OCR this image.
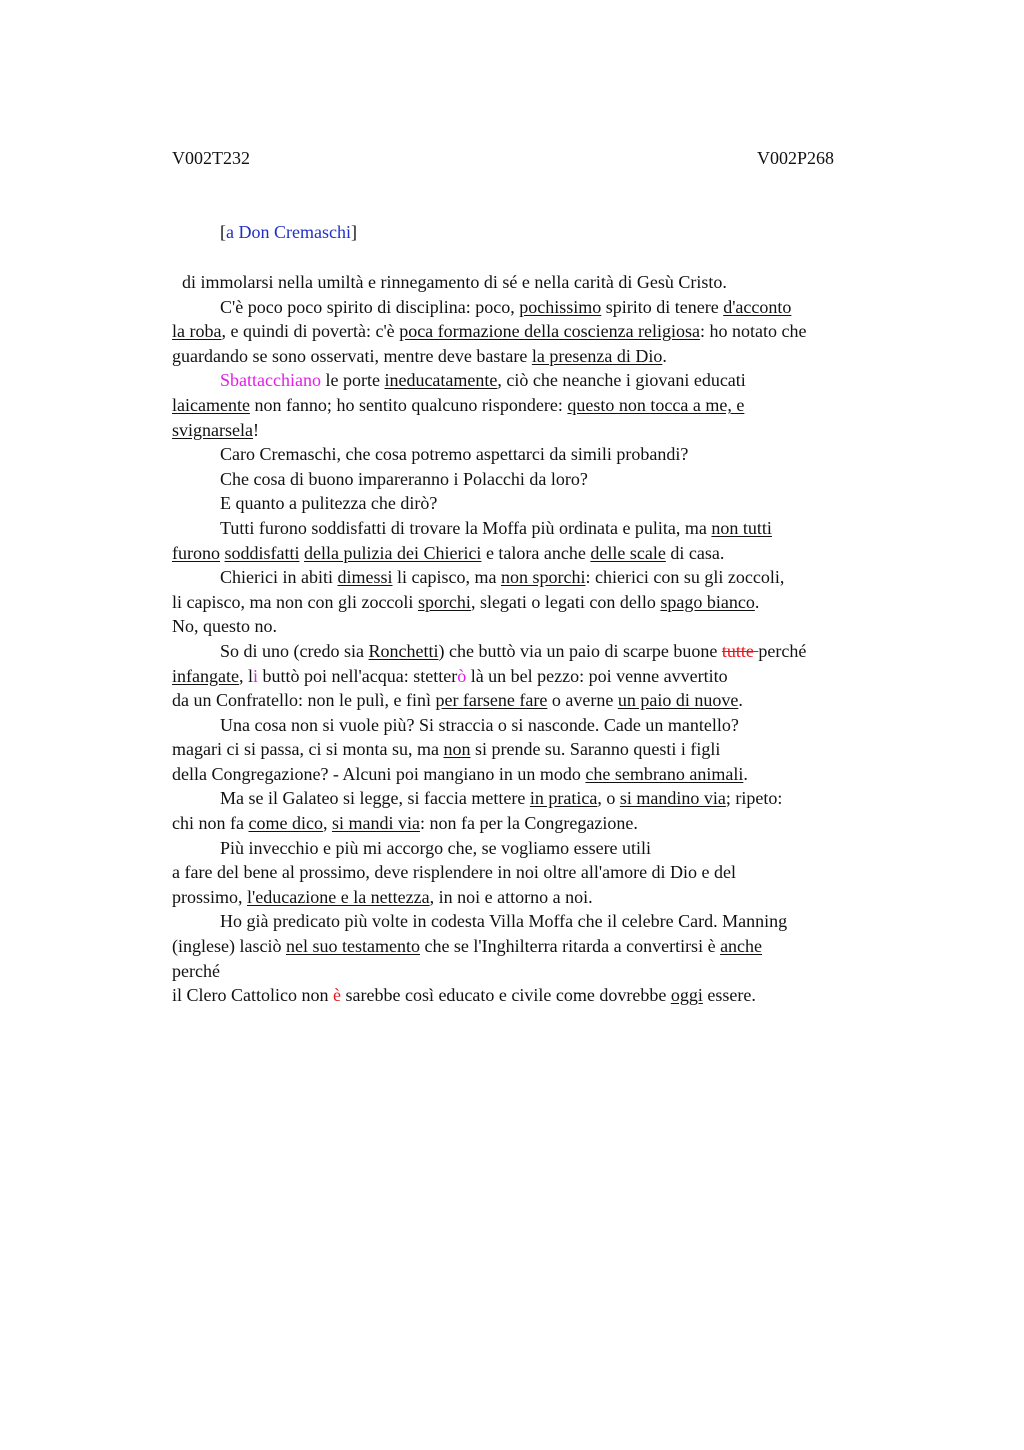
V002T232	V002P268
[a Don Cremaschi]
di immolarsi nella umiltà e rinnegamento di sé e nella carità di Gesù Cristo.
C'è poco poco spirito di disciplina: poco, pochissimo spirito di tenere d'acconto
la roba, e quindi di povertà: c'è poca formazione della coscienza religiosa: ho notato che
guardando se sono osservati, mentre deve bastare la presenza di Dio.
Sbattacchiano le porte ineducatamente, ciò che neanche i giovani educati
laicamente non fanno; ho sentito qualcuno rispondere: questo non tocca a me, e
svignarsela!
Caro Cremaschi, che cosa potremo aspettarci da simili probandi?
Che cosa di buono impareranno i Polacchi da loro?
E quanto a pulitezza che dirò?
Tutti furono soddisfatti di trovare la Moffa più ordinata e pulita, ma non tutti
furono soddisfatti della pulizia dei Chierici e talora anche delle scale di casa.
Chierici in abiti dimessi li capisco, ma non sporchi: chierici con su gli zoccoli,
li capisco, ma non con gli zoccoli sporchi, slegati o legati con dello spago bianco.
No, questo no.
So di uno (credo sia Ronchetti) che buttò via un paio di scarpe buone tutte perché
infangate, li buttò poi nell'acqua: stetterò là un bel pezzo: poi venne avvertito
da un Confratello: non le pulì, e finì per farsene fare o averne un paio di nuove.
Una cosa non si vuole più? Si straccia o si nasconde. Cade un mantello?
magari ci si passa, ci si monta su, ma non si prende su. Saranno questi i figli
della Congregazione? - Alcuni poi mangiano in un modo che sembrano animali.
Ma se il Galateo si legge, si faccia mettere in pratica, o si mandino via; ripeto:
chi non fa come dico, si mandi via: non fa per la Congregazione.
Più invecchio e più mi accorgo che, se vogliamo essere utili
a fare del bene al prossimo, deve risplendere in noi oltre all'amore di Dio e del
prossimo, l'educazione e la nettezza, in noi e attorno a noi.
Ho già predicato più volte in codesta Villa Moffa che il celebre Card. Manning
(inglese) lasciò nel suo testamento che se l'Inghilterra ritarda a convertirsi è anche
perché
il Clero Cattolico non è sarebbe così educato e civile come dovrebbe oggi essere.
